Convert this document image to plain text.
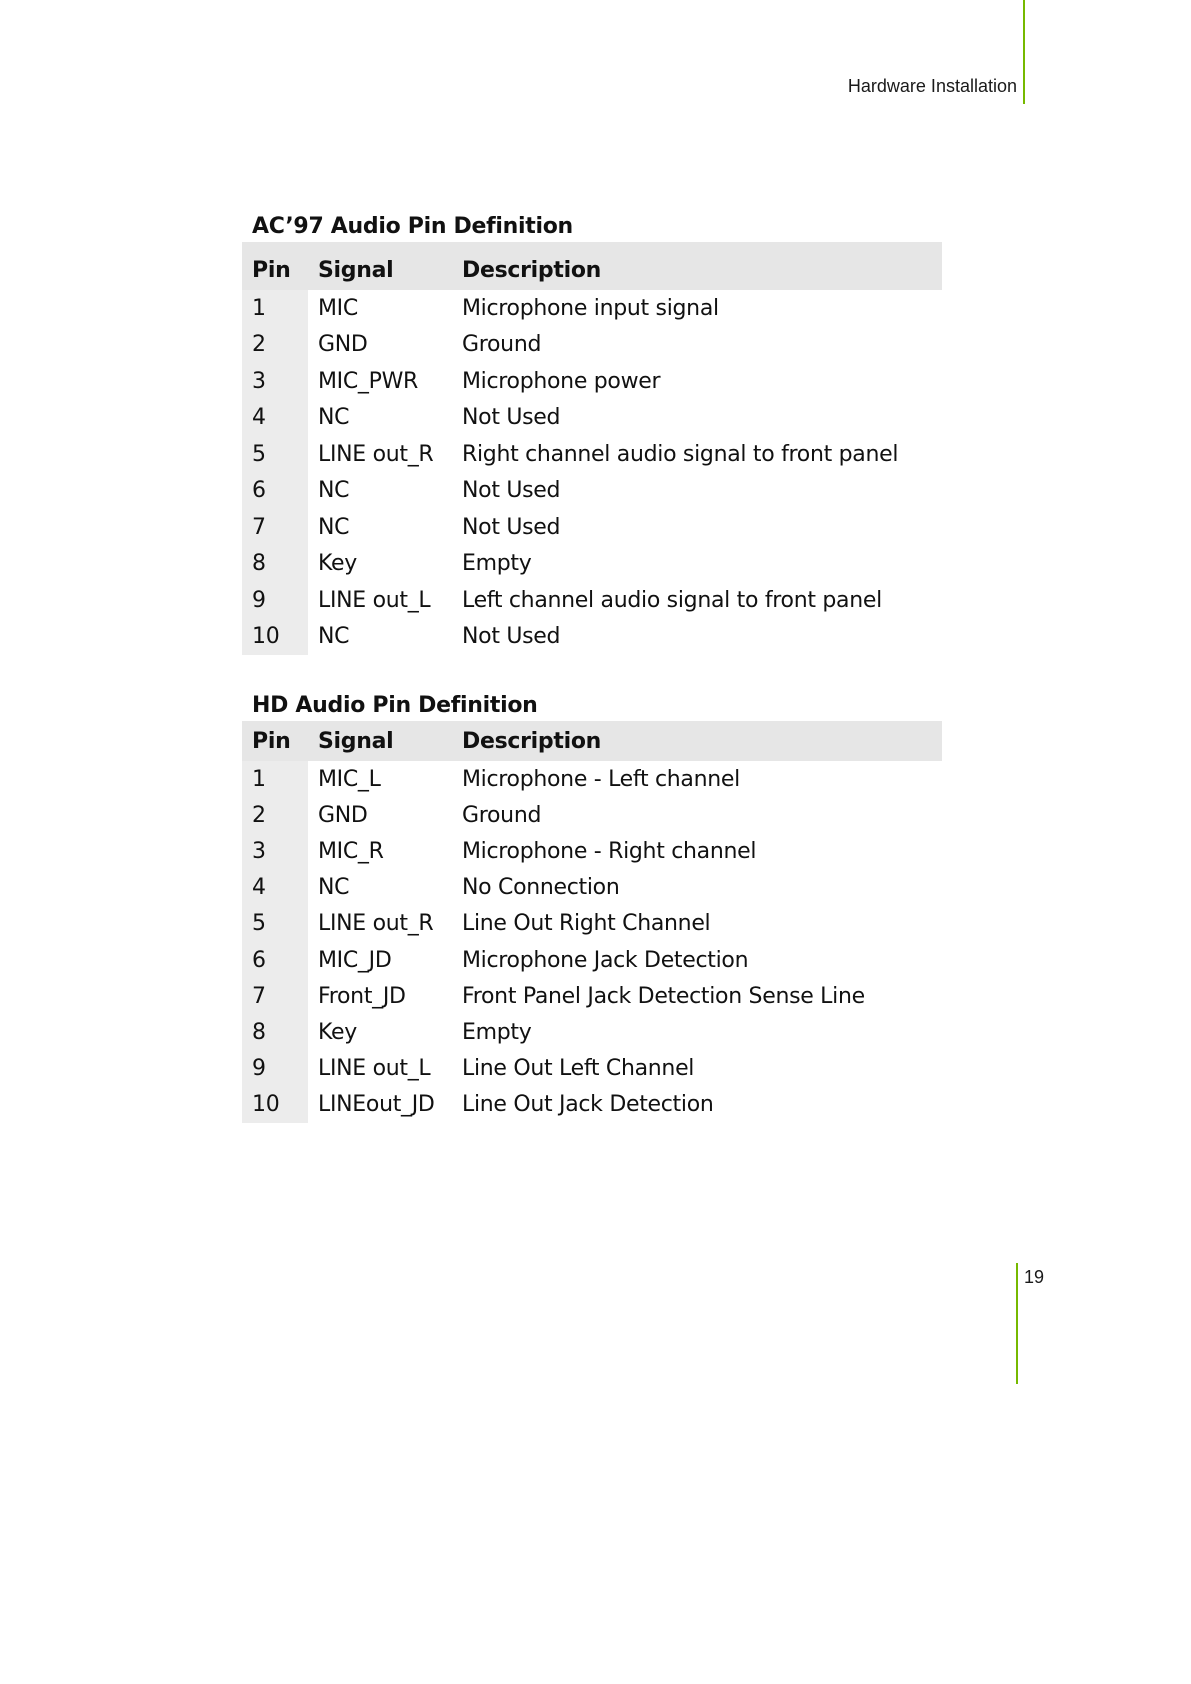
Hardware Installation
AC’97 Audio Pin Definition
Pin	Signal	Description
1	MIC	Microphone input signal
2	GND	Ground
3	MIC_PWR	Microphone power
4	NC	Not Used
5	LINE out_R	Right channel audio signal to front panel
6	NC	Not Used
7	NC	Not Used
8	Key	Empty
9	LINE out_L	Left channel audio signal to front panel
10	NC	Not Used
HD Audio Pin Definition
Pin	Signal	Description
1	MIC_L	Microphone - Left channel
2	GND	Ground
3	MIC_R	Microphone - Right channel
4	NC	No Connection
5	LINE out_R	Line Out Right Channel
6	MIC_JD	Microphone Jack Detection
7	Front_JD	Front Panel Jack Detection Sense Line
8	Key	Empty
9	LINE out_L	Line Out Left Channel
10	LINEout_JD	Line Out Jack Detection
19
